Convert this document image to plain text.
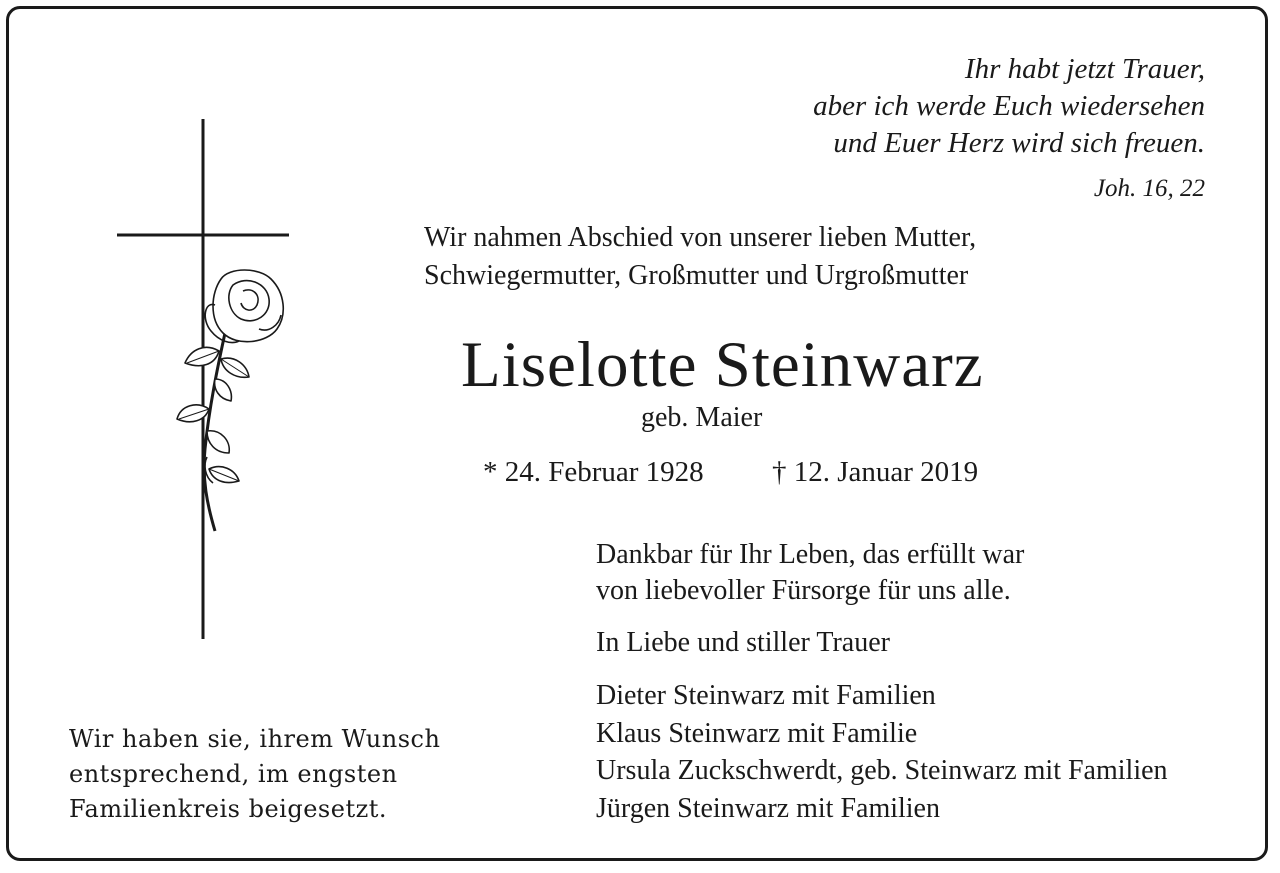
Ihr habt jetzt Trauer,
aber ich werde Euch wiedersehen
und Euer Herz wird sich freuen.
Joh. 16, 22
Wir nahmen Abschied von unserer lieben Mutter,
Schwiegermutter, Großmutter und Urgroßmutter
Liselotte Steinwarz
geb. Maier
* 24. Februar 1928 † 12. Januar 2019
Dankbar für Ihr Leben, das erfüllt war
von liebevoller Fürsorge für uns alle.
In Liebe und stiller Trauer
Dieter Steinwarz mit Familien
Klaus Steinwarz mit Familie
Ursula Zuckschwerdt, geb. Steinwarz mit Familien
Jürgen Steinwarz mit Familien
Wir haben sie, ihrem Wunsch
entsprechend, im engsten
Familienkreis beigesetzt.
